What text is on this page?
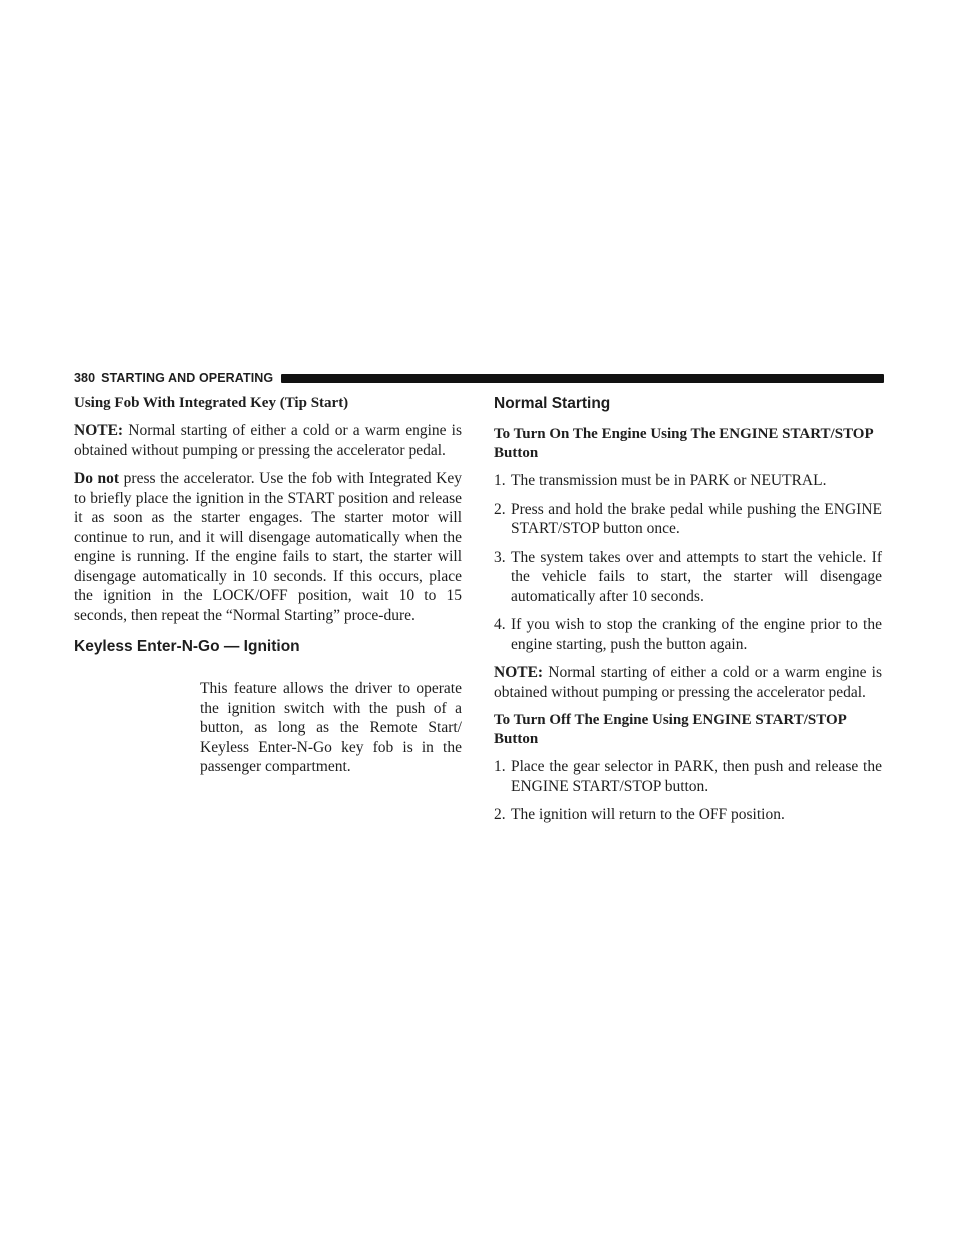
380 STARTING AND OPERATING
Using Fob With Integrated Key (Tip Start)

NOTE: Normal starting of either a cold or a warm engine is obtained without pumping or pressing the accelerator pedal.

Do not press the accelerator. Use the fob with Integrated Key to briefly place the ignition in the START position and release it as soon as the starter engages. The starter motor will continue to run, and it will disengage automatically when the engine is running. If the engine fails to start, the starter will disengage automatically in 10 seconds. If this occurs, place the ignition in the LOCK/OFF position, wait 10 to 15 seconds, then repeat the “Normal Starting” proce-dure.

Keyless Enter-N-Go — Ignition

This feature allows the driver to operate the ignition switch with the push of a button, as long as the Remote Start/ Keyless Enter-N-Go key fob is in the passenger compartment.

Normal Starting
To Turn On The Engine Using The ENGINE START/STOP Button
1. The transmission must be in PARK or NEUTRAL.
2. Press and hold the brake pedal while pushing the ENGINE START/STOP button once.
3. The system takes over and attempts to start the vehicle. If the vehicle fails to start, the starter will disengage automatically after 10 seconds.
4. If you wish to stop the cranking of the engine prior to the engine starting, push the button again.

NOTE: Normal starting of either a cold or a warm engine is obtained without pumping or pressing the accelerator pedal.

To Turn Off The Engine Using ENGINE START/STOP Button
1. Place the gear selector in PARK, then push and release the ENGINE START/STOP button.
2. The ignition will return to the OFF position.
